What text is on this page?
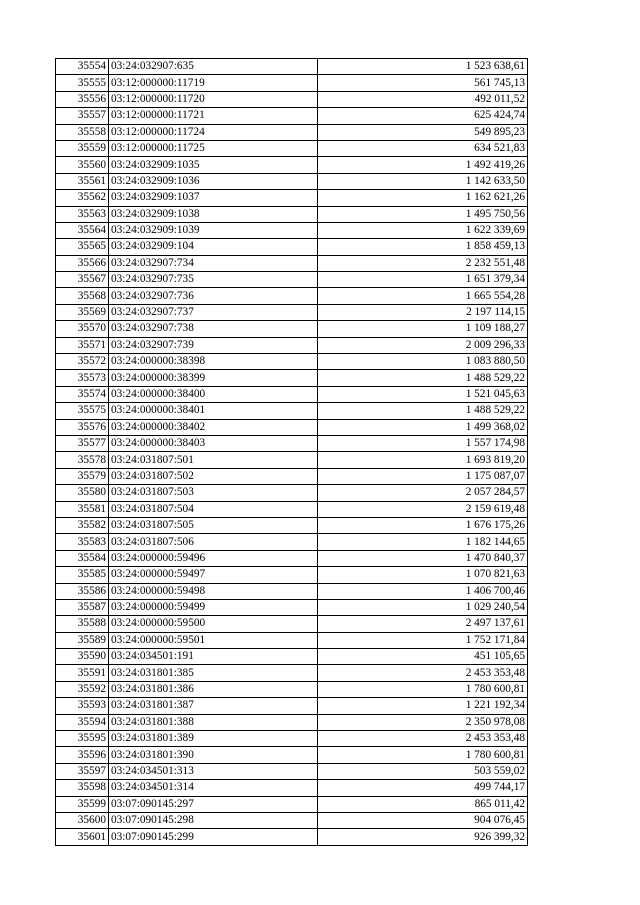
35554	03:24:032907:635	1 523 638,61
35555	03:12:000000:11719	561 745,13
35556	03:12:000000:11720	492 011,52
35557	03:12:000000:11721	625 424,74
35558	03:12:000000:11724	549 895,23
35559	03:12:000000:11725	634 521,83
35560	03:24:032909:1035	1 492 419,26
35561	03:24:032909:1036	1 142 633,50
35562	03:24:032909:1037	1 162 621,26
35563	03:24:032909:1038	1 495 750,56
35564	03:24:032909:1039	1 622 339,69
35565	03:24:032909:104	1 858 459,13
35566	03:24:032907:734	2 232 551,48
35567	03:24:032907:735	1 651 379,34
35568	03:24:032907:736	1 665 554,28
35569	03:24:032907:737	2 197 114,15
35570	03:24:032907:738	1 109 188,27
35571	03:24:032907:739	2 009 296,33
35572	03:24:000000:38398	1 083 880,50
35573	03:24:000000:38399	1 488 529,22
35574	03:24:000000:38400	1 521 045,63
35575	03:24:000000:38401	1 488 529,22
35576	03:24:000000:38402	1 499 368,02
35577	03:24:000000:38403	1 557 174,98
35578	03:24:031807:501	1 693 819,20
35579	03:24:031807:502	1 175 087,07
35580	03:24:031807:503	2 057 284,57
35581	03:24:031807:504	2 159 619,48
35582	03:24:031807:505	1 676 175,26
35583	03:24:031807:506	1 182 144,65
35584	03:24:000000:59496	1 470 840,37
35585	03:24:000000:59497	1 070 821,63
35586	03:24:000000:59498	1 406 700,46
35587	03:24:000000:59499	1 029 240,54
35588	03:24:000000:59500	2 497 137,61
35589	03:24:000000:59501	1 752 171,84
35590	03:24:034501:191	451 105,65
35591	03:24:031801:385	2 453 353,48
35592	03:24:031801:386	1 780 600,81
35593	03:24:031801:387	1 221 192,34
35594	03:24:031801:388	2 350 978,08
35595	03:24:031801:389	2 453 353,48
35596	03:24:031801:390	1 780 600,81
35597	03:24:034501:313	503 559,02
35598	03:24:034501:314	499 744,17
35599	03:07:090145:297	865 011,42
35600	03:07:090145:298	904 076,45
35601	03:07:090145:299	926 399,32
